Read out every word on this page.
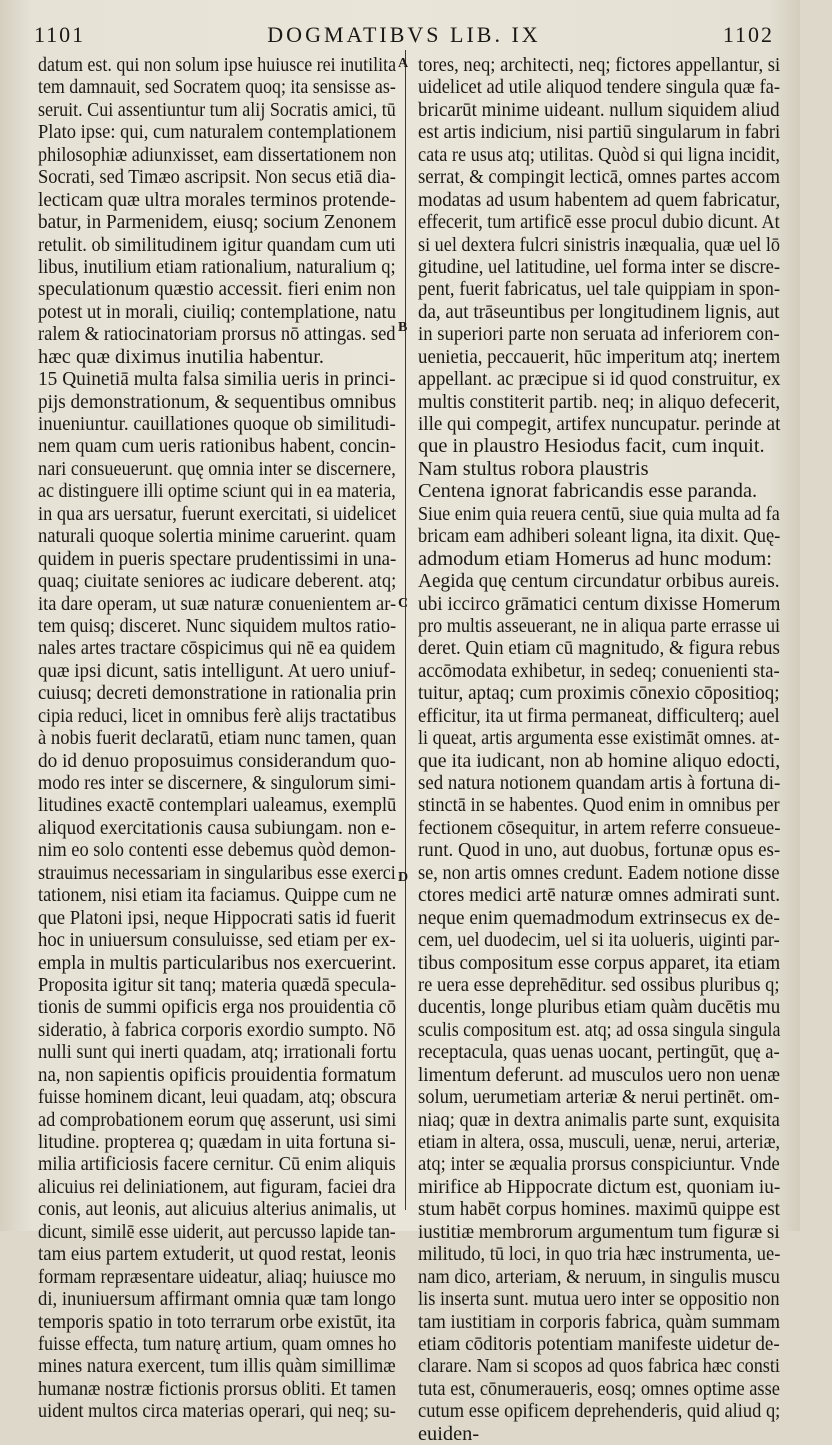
1101	DOGMATIBVS LIB. IX	1102
A
B
C
D
datum est. qui non solum ipse huiusce rei inutilita
tem damnauit, sed Socratem quoq; ita sensisse as-
seruit. Cui assentiuntur tum alij Socratis amici, tū
Plato ipse: qui, cum naturalem contemplationem
philosophiæ adiunxisset, eam dissertationem non
Socrati, sed Timæo ascripsit. Non secus etiā dia-
lecticam quæ ultra morales terminos protende-
batur, in Parmenidem, eiusq; socium Zenonem
retulit. ob similitudinem igitur quandam cum uti
libus, inutilium etiam rationalium, naturalium q;
speculationum quæstio accessit. fieri enim non
potest ut in morali, ciuiliq; contemplatione, natu
ralem & ratiocinatoriam prorsus nō attingas. sed
hæc quæ diximus inutilia habentur.
15 Quinetiā multa falsa similia ueris in princi-
pijs demonstrationum, & sequentibus omnibus
inueniuntur. cauillationes quoque ob similitudi-
nem quam cum ueris rationibus habent, concin-
nari consueuerunt. quę omnia inter se discernere,
ac distinguere illi optime sciunt qui in ea materia,
in qua ars uersatur, fuerunt exercitati, si uidelicet
naturali quoque solertia minime caruerint. quam
quidem in pueris spectare prudentissimi in una-
quaq; ciuitate seniores ac iudicare deberent. atq;
ita dare operam, ut suæ naturæ conuenientem ar-
tem quisq; disceret. Nunc siquidem multos ratio-
nales artes tractare cōspicimus qui nē ea quidem
quæ ipsi dicunt, satis intelligunt. At uero uniuf-
cuiusq; decreti demonstratione in rationalia prin
cipia reduci, licet in omnibus ferè alijs tractatibus
à nobis fuerit declaratū, etiam nunc tamen, quan
do id denuo proposuimus considerandum quo-
modo res inter se discernere, & singulorum simi-
litudines exactē contemplari ualeamus, exemplū
aliquod exercitationis causa subiungam. non e-
nim eo solo contenti esse debemus quòd demon-
strauimus necessariam in singularibus esse exerci
tationem, nisi etiam ita faciamus. Quippe cum ne
que Platoni ipsi, neque Hippocrati satis id fuerit
hoc in uniuersum consuluisse, sed etiam per ex-
empla in multis particularibus nos exercuerint.
Proposita igitur sit tanq; materia quædā specula-
tionis de summi opificis erga nos prouidentia cō
sideratio, à fabrica corporis exordio sumpto. Nō
nulli sunt qui inerti quadam, atq; irrationali fortu
na, non sapientis opificis prouidentia formatum
fuisse hominem dicant, leui quadam, atq; obscura
ad comprobationem eorum quę asserunt, usi simi
litudine. propterea q; quædam in uita fortuna si-
milia artificiosis facere cernitur. Cū enim aliquis
alicuius rei deliniationem, aut figuram, faciei dra
conis, aut leonis, aut alicuius alterius animalis, ut
dicunt, similē esse uiderit, aut percusso lapide tan-
tam eius partem extuderit, ut quod restat, leonis
formam repræsentare uideatur, aliaq; huiusce mo
di, inuniuersum affirmant omnia quæ tam longo
temporis spatio in toto terrarum orbe existūt, ita
fuisse effecta, tum naturę artium, quam omnes ho
mines natura exercent, tum illis quàm simillimæ
humanæ nostræ fictionis prorsus obliti. Et tamen
uident multos circa materias operari, qui neq; su-
tores, neq; architecti, neq; fictores appellantur, si
uidelicet ad utile aliquod tendere singula quæ fa-
bricarūt minime uideant. nullum siquidem aliud
est artis indicium, nisi partiū singularum in fabri
cata re usus atq; utilitas. Quòd si qui ligna incidit,
serrat, & compingit lecticā, omnes partes accom
modatas ad usum habentem ad quem fabricatur,
effecerit, tum artificē esse procul dubio dicunt. At
si uel dextera fulcri sinistris inæqualia, quæ uel lō
gitudine, uel latitudine, uel forma inter se discre-
pent, fuerit fabricatus, uel tale quippiam in spon-
da, aut trāseuntibus per longitudinem lignis, aut
in superiori parte non seruata ad inferiorem con-
uenietia, peccauerit, hūc imperitum atq; inertem
appellant. ac præcipue si id quod construitur, ex
multis constiterit partib. neq; in aliquo defecerit,
ille qui compegit, artifex nuncupatur. perinde at
que in plaustro Hesiodus facit, cum inquit.
Nam stultus robora plaustris
Centena ignorat fabricandis esse paranda.
Siue enim quia reuera centū, siue quia multa ad fa
bricam eam adhiberi soleant ligna, ita dixit. Quę-
admodum etiam Homerus ad hunc modum:
Aegida quę centum circundatur orbibus aureis.
ubi iccirco grāmatici centum dixisse Homerum
pro multis asseuerant, ne in aliqua parte errasse ui
deret. Quin etiam cū magnitudo, & figura rebus
accōmodata exhibetur, in sedeq; conuenienti sta-
tuitur, aptaq; cum proximis cōnexio cōpositioq;
efficitur, ita ut firma permaneat, difficulterq; auel
li queat, artis argumenta esse existimāt omnes. at-
que ita iudicant, non ab homine aliquo edocti,
sed natura notionem quandam artis à fortuna di-
stinctā in se habentes. Quod enim in omnibus per
fectionem cōsequitur, in artem referre consueue-
runt. Quod in uno, aut duobus, fortunæ opus es-
se, non artis omnes credunt. Eadem notione disse
ctores medici artē naturæ omnes admirati sunt.
neque enim quemadmodum extrinsecus ex de-
cem, uel duodecim, uel si ita uolueris, uiginti par-
tibus compositum esse corpus apparet, ita etiam
re uera esse deprehēditur. sed ossibus pluribus q;
ducentis, longe pluribus etiam quàm ducētis mu
sculis compositum est. atq; ad ossa singula singula
receptacula, quas uenas uocant, pertingūt, quę a-
limentum deferunt. ad musculos uero non uenæ
solum, uerumetiam arteriæ & nerui pertinēt. om-
niaq; quæ in dextra animalis parte sunt, exquisita
etiam in altera, ossa, musculi, uenæ, nerui, arteriæ,
atq; inter se æqualia prorsus conspiciuntur. Vnde
mirifice ab Hippocrate dictum est, quoniam iu-
stum habēt corpus homines. maximū quippe est
iustitiæ membrorum argumentum tum figuræ si
militudo, tū loci, in quo tria hæc instrumenta, ue-
nam dico, arteriam, & neruum, in singulis muscu
lis inserta sunt. mutua uero inter se oppositio non
tam iustitiam in corporis fabrica, quàm summam
etiam cōditoris potentiam manifeste uidetur de-
clarare. Nam si scopos ad quos fabrica hæc consti
tuta est, cōnumeraueris, eosq; omnes optime asse
cutum esse opificem deprehenderis, quid aliud q;
euiden-
